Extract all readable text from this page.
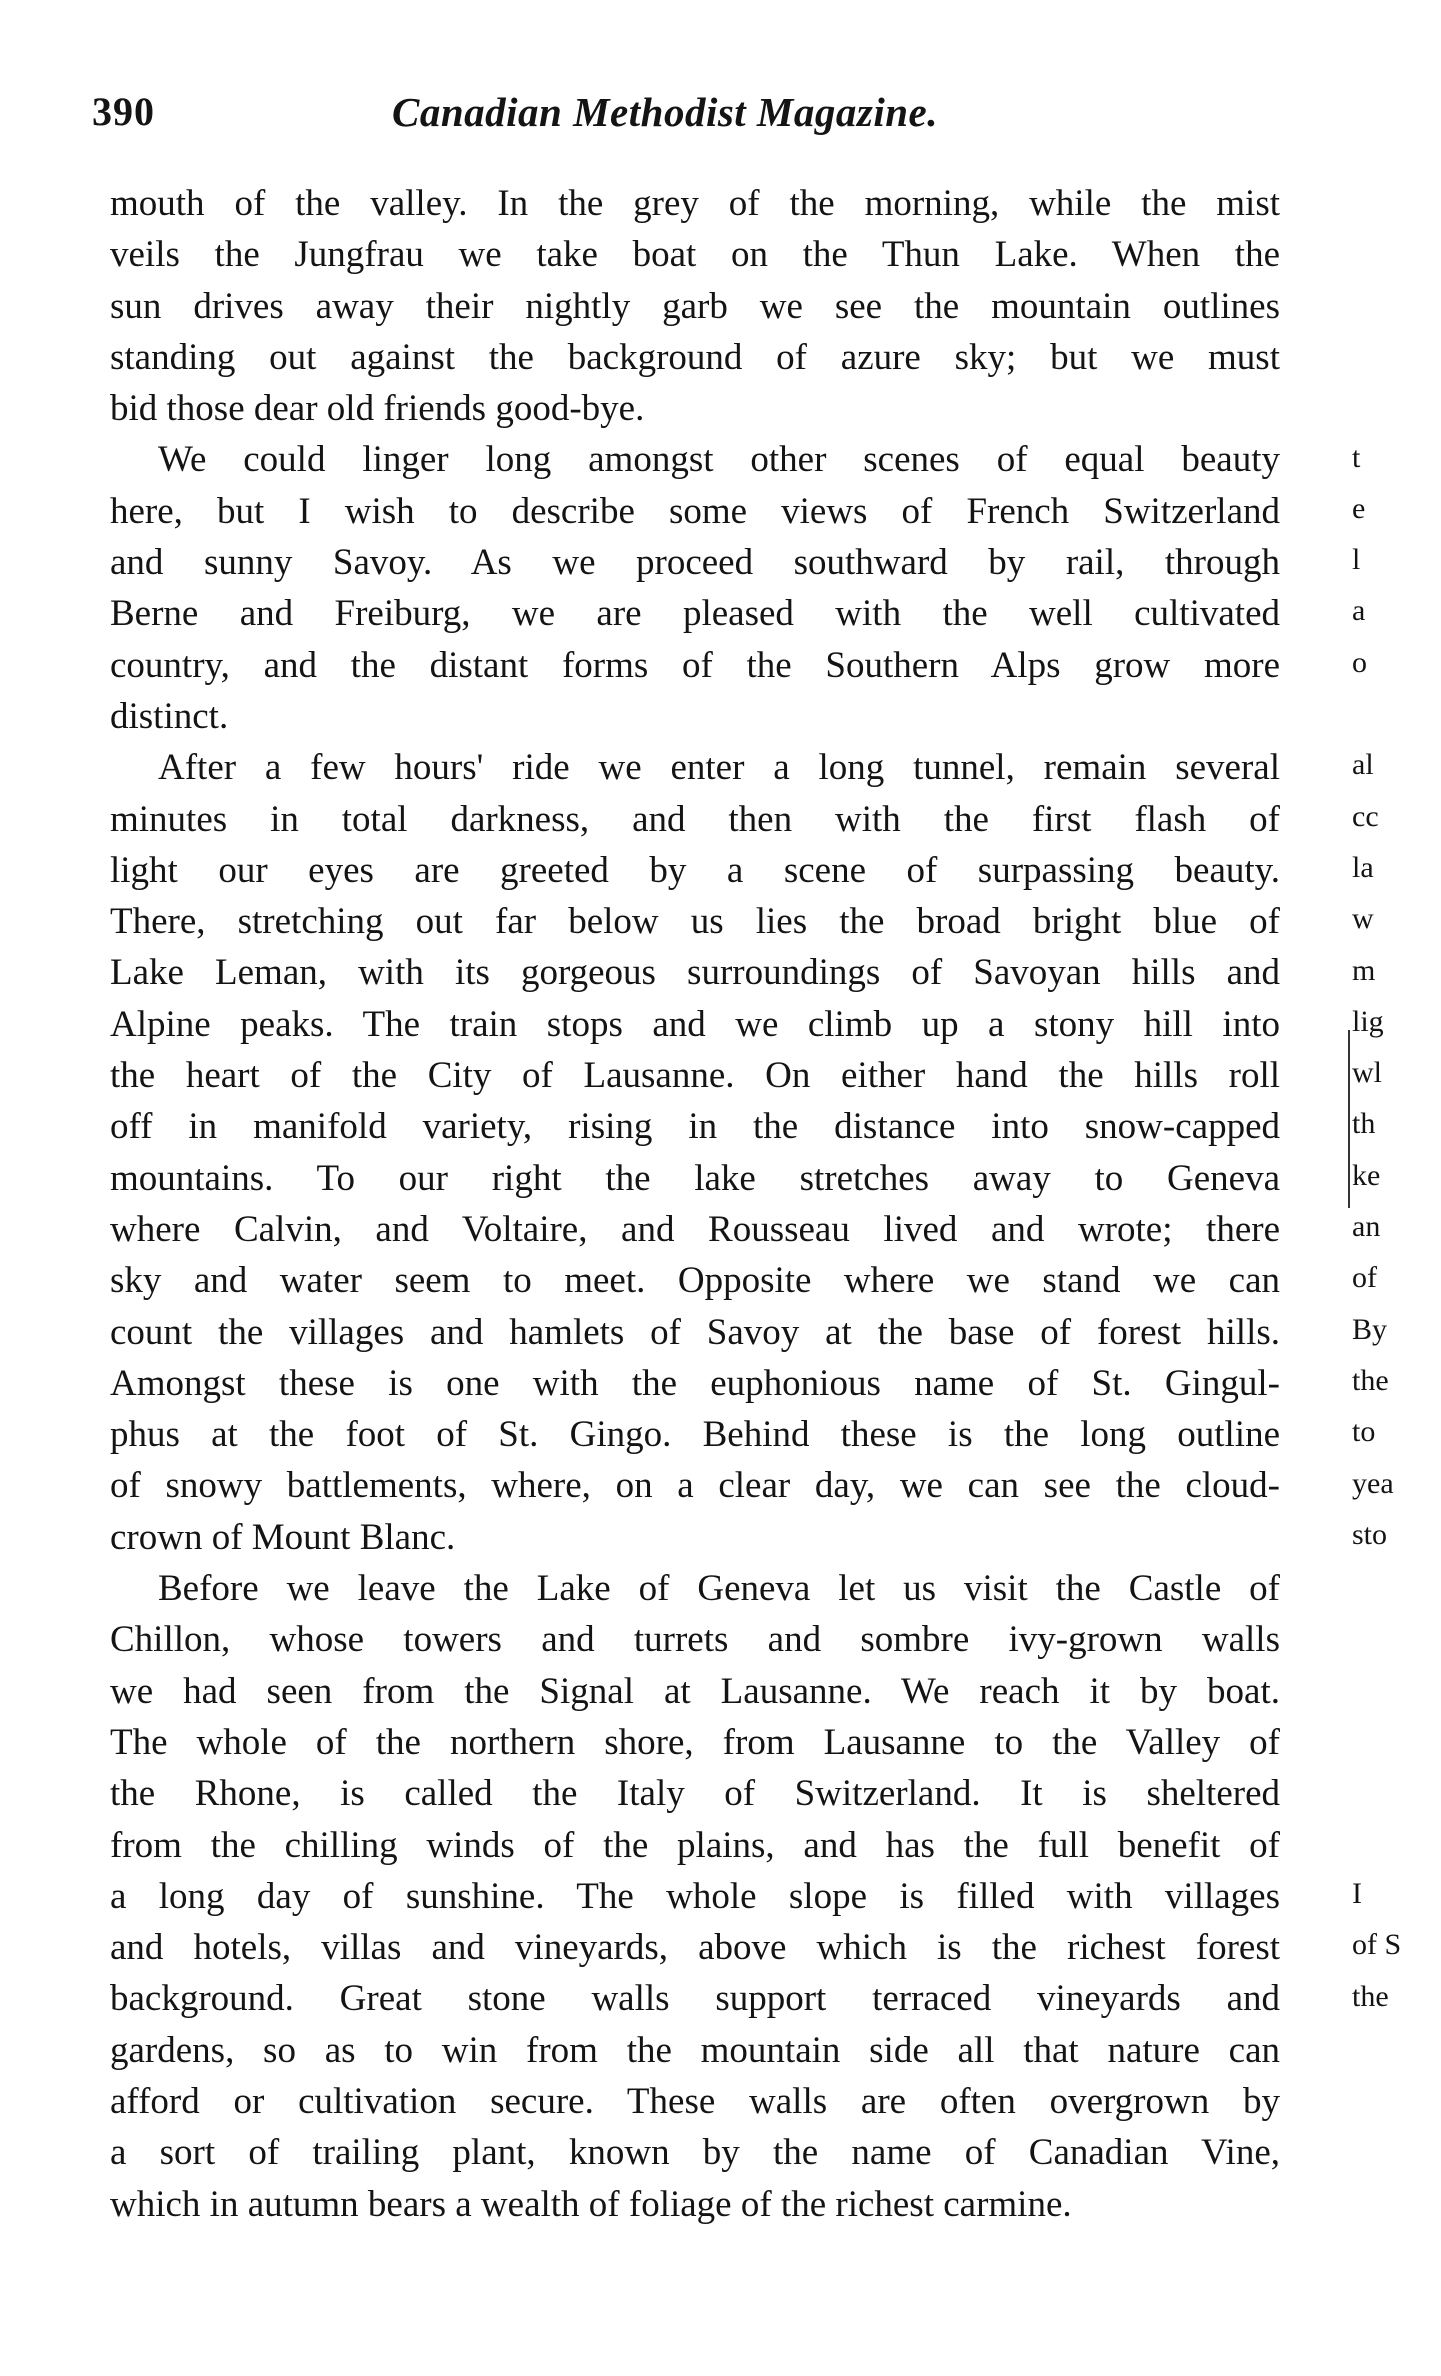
390	Canadian Methodist Magazine.
mouth of the valley. In the grey of the morning, while the mist
veils the Jungfrau we take boat on the Thun Lake. When the
sun drives away their nightly garb we see the mountain outlines
standing out against the background of azure sky; but we must
bid those dear old friends good-bye.
We could linger long amongst other scenes of equal beauty
here, but I wish to describe some views of French Switzerland
and sunny Savoy. As we proceed southward by rail, through
Berne and Freiburg, we are pleased with the well cultivated
country, and the distant forms of the Southern Alps grow more
distinct.
After a few hours' ride we enter a long tunnel, remain several
minutes in total darkness, and then with the first flash of
light our eyes are greeted by a scene of surpassing beauty.
There, stretching out far below us lies the broad bright blue of
Lake Leman, with its gorgeous surroundings of Savoyan hills and
Alpine peaks. The train stops and we climb up a stony hill into
the heart of the City of Lausanne. On either hand the hills roll
off in manifold variety, rising in the distance into snow-capped
mountains. To our right the lake stretches away to Geneva
where Calvin, and Voltaire, and Rousseau lived and wrote; there
sky and water seem to meet. Opposite where we stand we can
count the villages and hamlets of Savoy at the base of forest hills.
Amongst these is one with the euphonious name of St. Gingul-
phus at the foot of St. Gingo. Behind these is the long outline
of snowy battlements, where, on a clear day, we can see the cloud-
crown of Mount Blanc.
Before we leave the Lake of Geneva let us visit the Castle of
Chillon, whose towers and turrets and sombre ivy-grown walls
we had seen from the Signal at Lausanne. We reach it by boat.
The whole of the northern shore, from Lausanne to the Valley of
the Rhone, is called the Italy of Switzerland. It is sheltered
from the chilling winds of the plains, and has the full benefit of
a long day of sunshine. The whole slope is filled with villages
and hotels, villas and vineyards, above which is the richest forest
background. Great stone walls support terraced vineyards and
gardens, so as to win from the mountain side all that nature can
afford or cultivation secure. These walls are often overgrown by
a sort of trailing plant, known by the name of Canadian Vine,
which in autumn bears a wealth of foliage of the richest carmine.
t
e
l
a
o
al
cc
la
w
m
lig
wl
th
ke
an
of
By
the
to
yea
sto
I
of S
the
